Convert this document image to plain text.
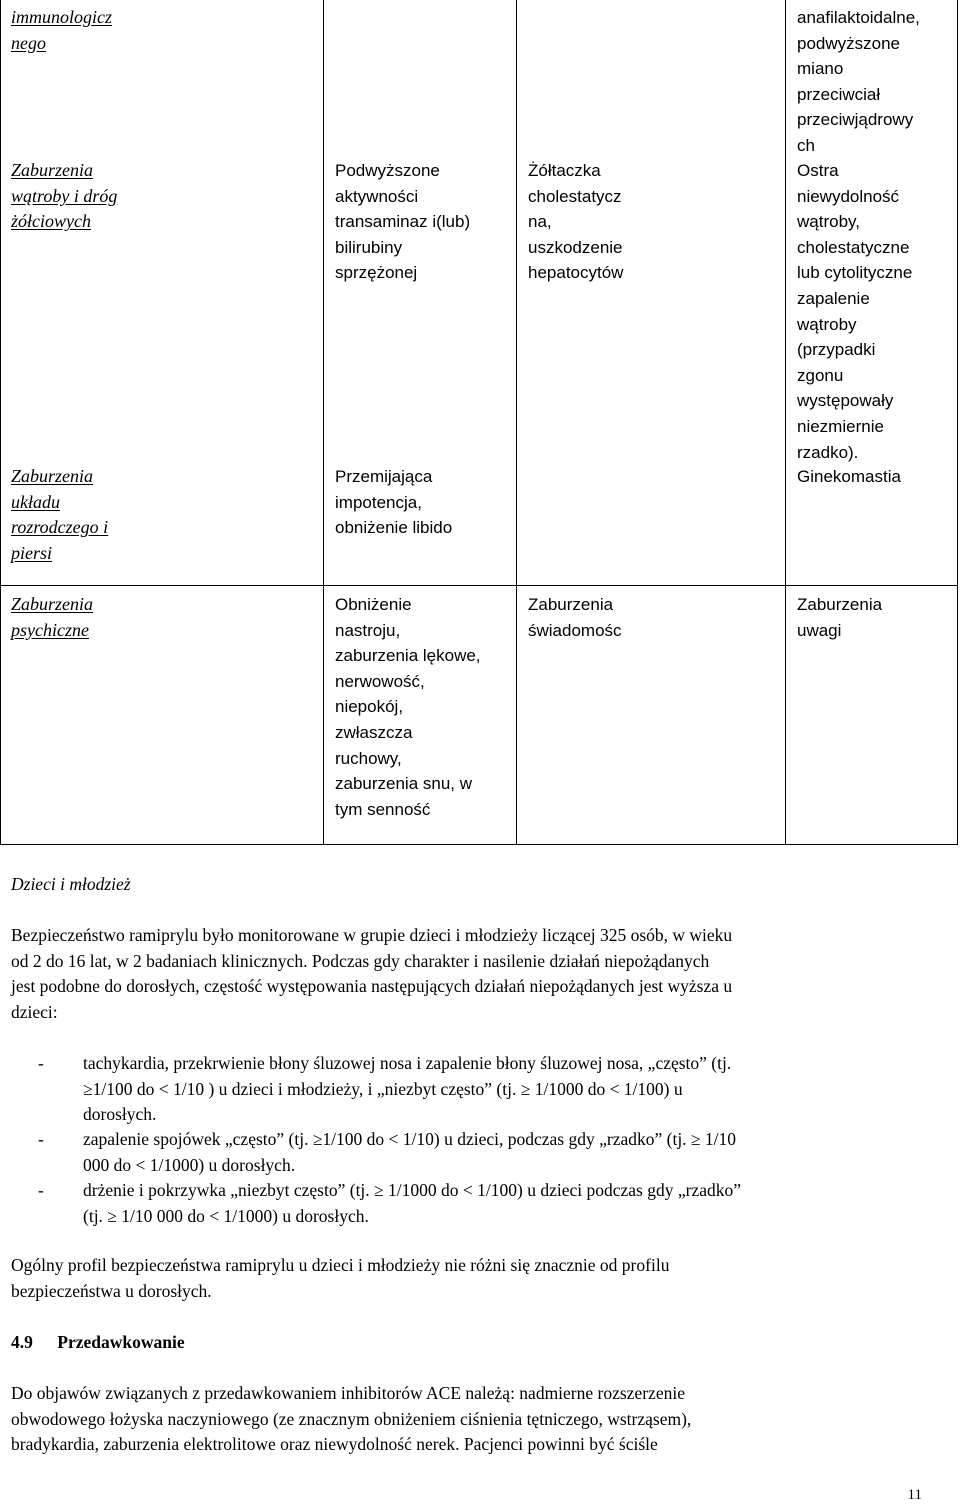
immunologicz
nego
anafilaktoidalne,
podwyższone
miano
przeciwciał
przeciwjądrowy
ch
Zaburzenia
wątroby i dróg
żółciowych
Podwyższone
aktywności
transaminaz i(lub)
bilirubiny
sprzężonej
Żółtaczka
cholestatycz
na,
uszkodzenie
hepatocytów
Ostra
niewydolność
wątroby,
cholestatyczne
lub cytolityczne
zapalenie
wątroby
(przypadki
zgonu
występowały
niezmiernie
rzadko).
Zaburzenia
układu
rozrodczego i
piersi
Przemijająca
impotencja,
obniżenie libido
Ginekomastia
Zaburzenia
psychiczne
Obniżenie
nastroju,
zaburzenia lękowe,
nerwowość,
niepokój,
zwłaszcza
ruchowy,
zaburzenia snu, w
tym senność
Zaburzenia
świadomośc
Zaburzenia
uwagi
Dzieci i młodzież
Bezpieczeństwo ramiprylu było monitorowane w grupie dzieci i młodzieży liczącej 325 osób, w wieku
od 2 do 16 lat, w 2 badaniach klinicznych. Podczas gdy charakter i nasilenie działań niepożądanych
jest podobne do dorosłych, częstość występowania następujących działań niepożądanych jest wyższa u
dzieci:
- tachykardia, przekrwienie błony śluzowej nosa i zapalenie błony śluzowej nosa, „często” (tj.
≥1/100 do < 1/10 ) u dzieci i młodzieży, i „niezbyt często” (tj. ≥ 1/1000 do < 1/100) u
dorosłych.
- zapalenie spojówek „często” (tj. ≥1/100 do < 1/10) u dzieci, podczas gdy „rzadko” (tj. ≥ 1/10
000 do < 1/1000) u dorosłych.
- drżenie i pokrzywka „niezbyt często” (tj. ≥ 1/1000 do < 1/100) u dzieci podczas gdy „rzadko”
(tj. ≥ 1/10 000 do < 1/1000) u dorosłych.
Ogólny profil bezpieczeństwa ramiprylu u dzieci i młodzieży nie różni się znacznie od profilu
bezpieczeństwa u dorosłych.
4.9 Przedawkowanie
Do objawów związanych z przedawkowaniem inhibitorów ACE należą: nadmierne rozszerzenie
obwodowego łożyska naczyniowego (ze znacznym obniżeniem ciśnienia tętniczego, wstrząsem),
bradykardia, zaburzenia elektrolitowe oraz niewydolność nerek. Pacjenci powinni być ściśle
11
